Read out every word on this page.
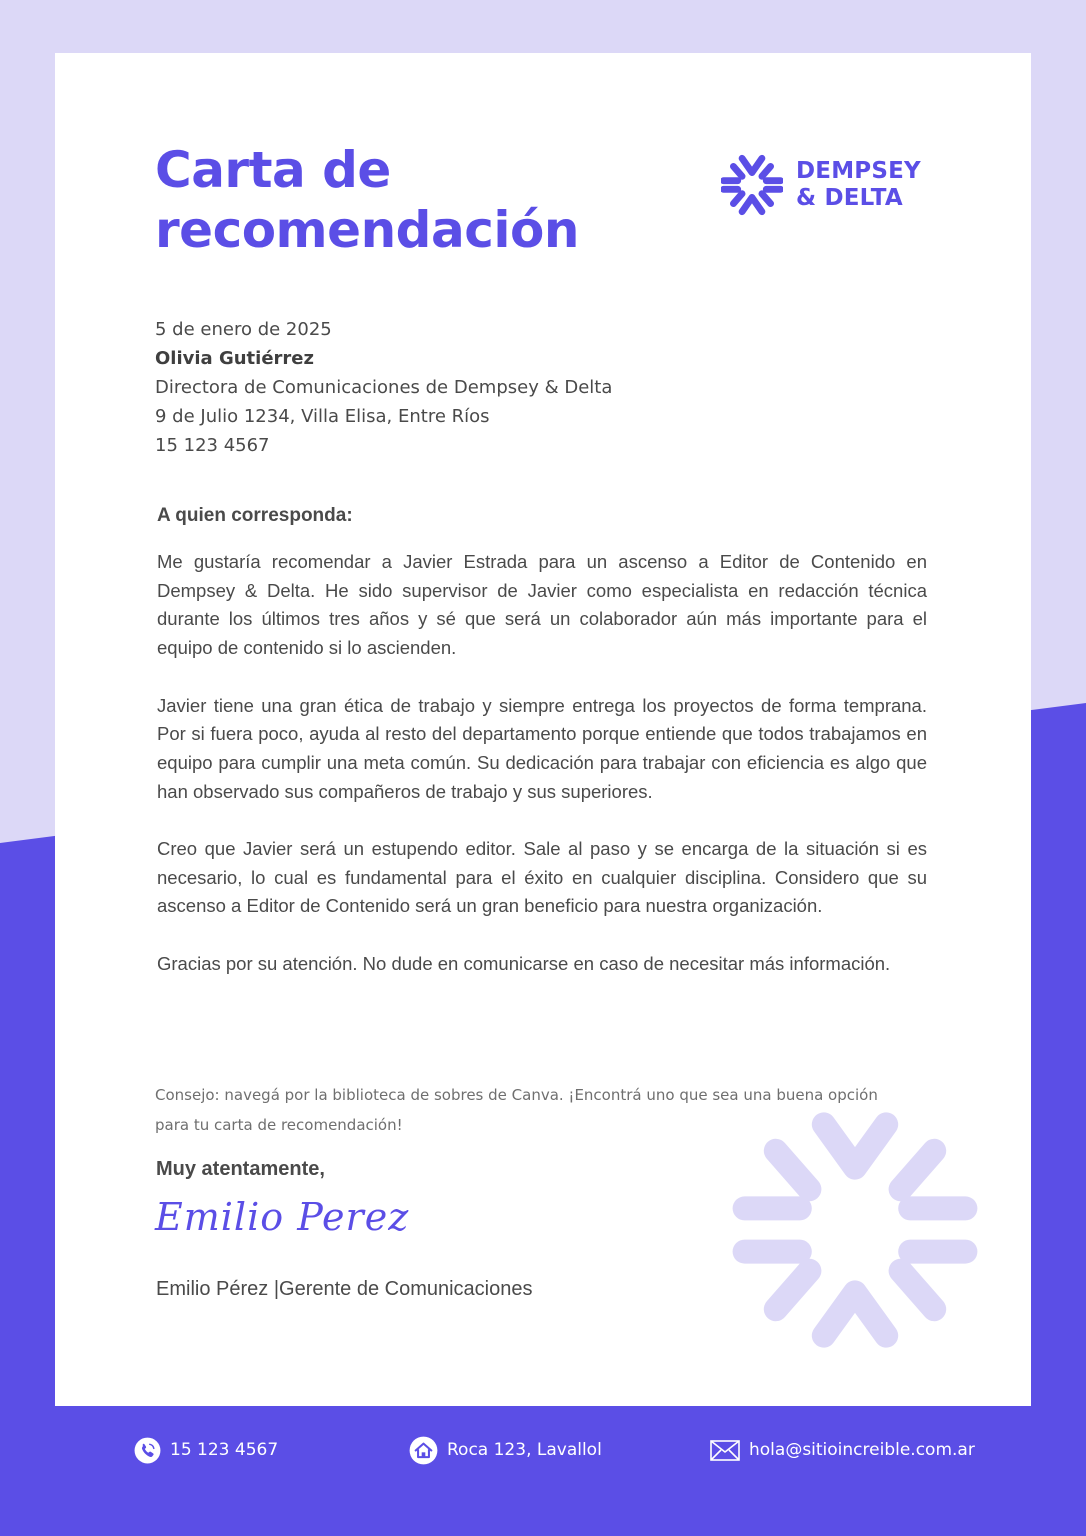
Carta de
recomendación
DEMPSEY
& DELTA
5 de enero de 2025
Olivia Gutiérrez
Directora de Comunicaciones de Dempsey & Delta
9 de Julio 1234, Villa Elisa, Entre Ríos
15 123 4567
A quien corresponda:

Me gustaría recomendar a Javier Estrada para un ascenso a Editor de Contenido en Dempsey & Delta. He sido supervisor de Javier como especialista en redacción técnica durante los últimos tres años y sé que será un colaborador aún más importante para el equipo de contenido si lo ascienden.

Javier tiene una gran ética de trabajo y siempre entrega los proyectos de forma temprana. Por si fuera poco, ayuda al resto del departamento porque entiende que todos trabajamos en equipo para cumplir una meta común. Su dedicación para trabajar con eficiencia es algo que han observado sus compañeros de trabajo y sus superiores.

Creo que Javier será un estupendo editor. Sale al paso y se encarga de la situación si es necesario, lo cual es fundamental para el éxito en cualquier disciplina. Considero que su ascenso a Editor de Contenido será un gran beneficio para nuestra organización.

Gracias por su atención. No dude en comunicarse en caso de necesitar más información.

Consejo: navegá por la biblioteca de sobres de Canva. ¡Encontrá uno que sea una buena opción para tu carta de recomendación!
Muy atentamente,
Emilio Perez
Emilio Pérez |Gerente de Comunicaciones
15 123 4567	Roca 123, Lavallol	hola@sitioincreible.com.ar
